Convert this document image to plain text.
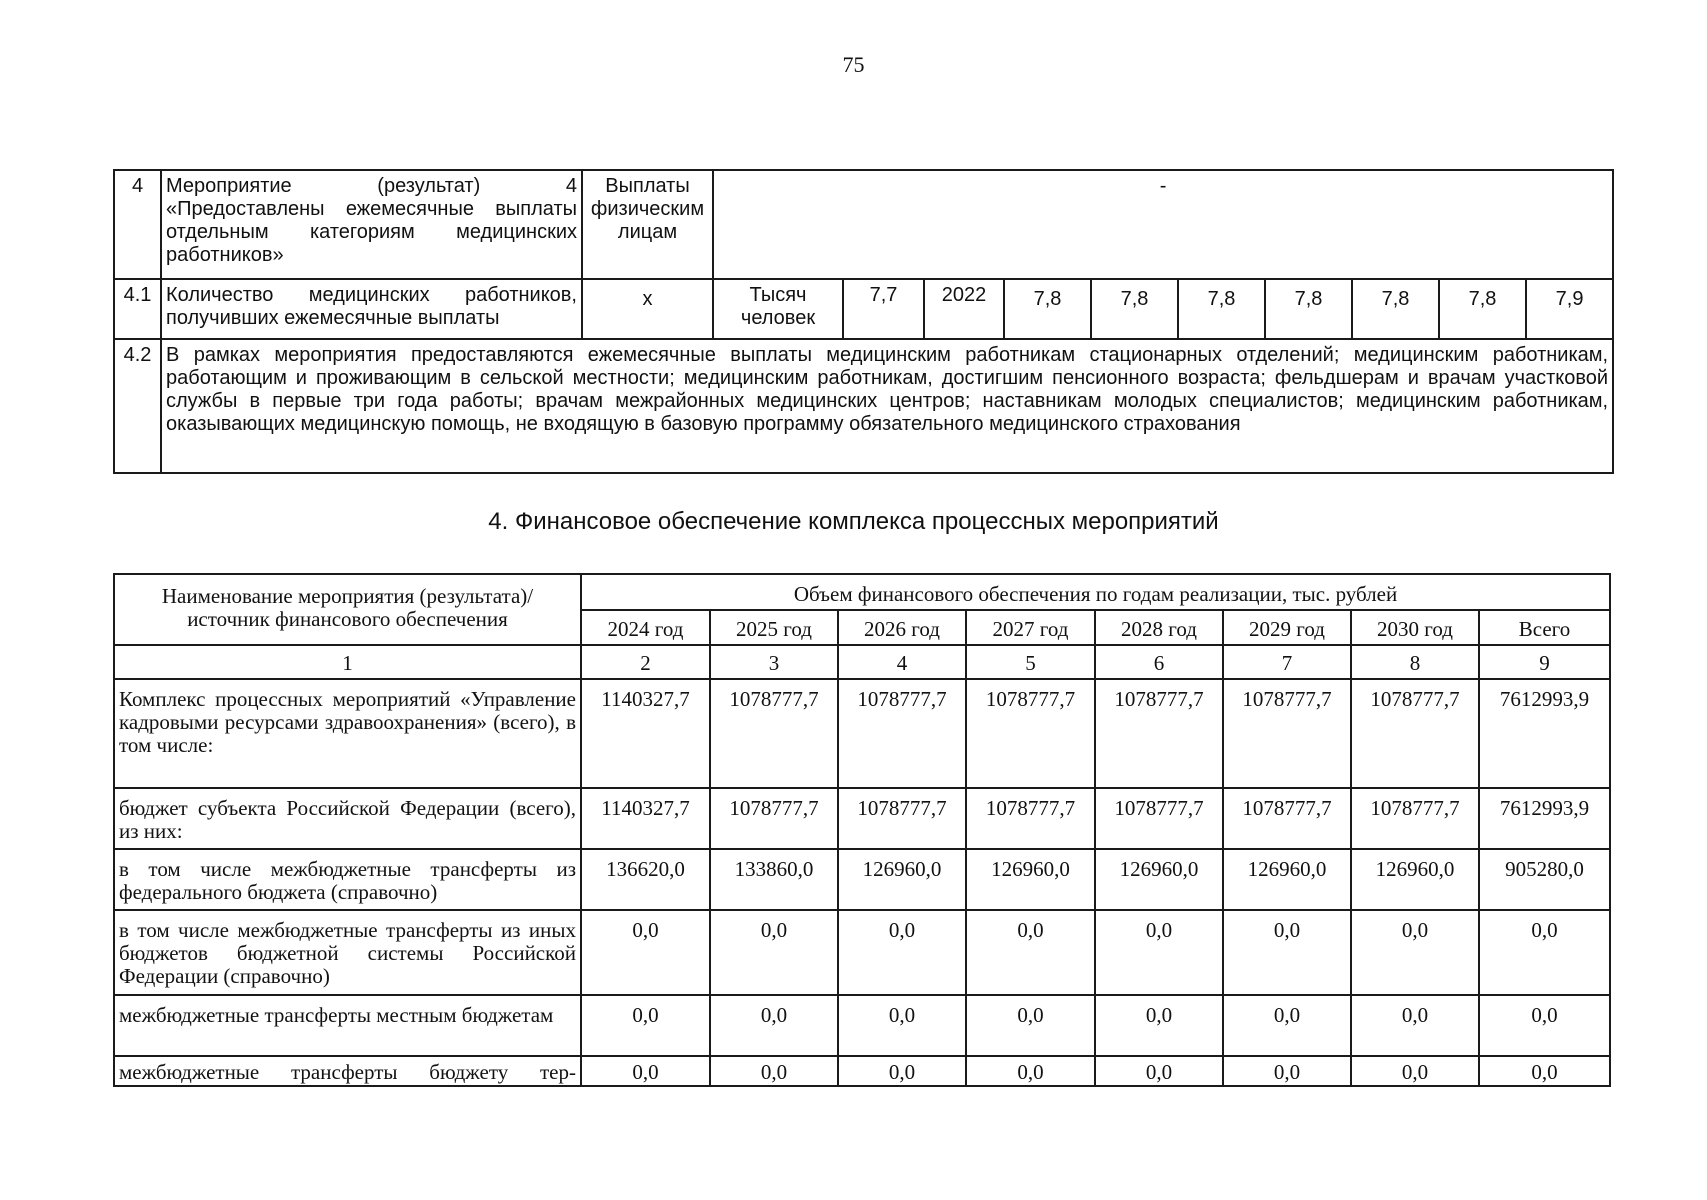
75
4	Мероприятие (результат) 4 «Предоставлены ежемесячные выплаты отдельным категориям медицинских работников»	Выплаты физическим лицам	-									
4.1	Количество медицинских работников, получивших ежемесячные выплаты	х	Тысяч человек	7,7	2022	7,8	7,8	7,8	7,8	7,8	7,8	7,9
4.2	В рамках мероприятия предоставляются ежемесячные выплаты медицинским работникам стационарных отделений; медицинским работникам, работающим и проживающим в сельской местности; медицинским работникам, достигшим пенсионного возраста; фельдшерам и врачам участковой службы в первые три года работы; врачам межрайонных медицинских центров; наставникам молодых специалистов; медицинским работникам, оказывающих медицинскую помощь, не входящую в базовую программу обязательного медицинского страхования											
4. Финансовое обеспечение комплекса процессных мероприятий
Наименование мероприятия (результата)/ источник финансового обеспечения	Объем финансового обеспечения по годам реализации, тыс. рублей							
	2024 год	2025 год	2026 год	2027 год	2028 год	2029 год	2030 год	Всего
1	2	3	4	5	6	7	8	9
Комплекс процессных мероприятий «Управление кадровыми ресурсами здравоохранения» (всего), в том числе:	1140327,7	1078777,7	1078777,7	1078777,7	1078777,7	1078777,7	1078777,7	7612993,9
бюджет субъекта Российской Федерации (всего), из них:	1140327,7	1078777,7	1078777,7	1078777,7	1078777,7	1078777,7	1078777,7	7612993,9
в том числе межбюджетные трансферты из федерального бюджета (справочно)	136620,0	133860,0	126960,0	126960,0	126960,0	126960,0	126960,0	905280,0
в том числе межбюджетные трансферты из иных бюджетов бюджетной системы Российской Федерации (справочно)	0,0	0,0	0,0	0,0	0,0	0,0	0,0	0,0
межбюджетные трансферты местным бюджетам	0,0	0,0	0,0	0,0	0,0	0,0	0,0	0,0
межбюджетные трансферты бюджету тер-	0,0	0,0	0,0	0,0	0,0	0,0	0,0	0,0
